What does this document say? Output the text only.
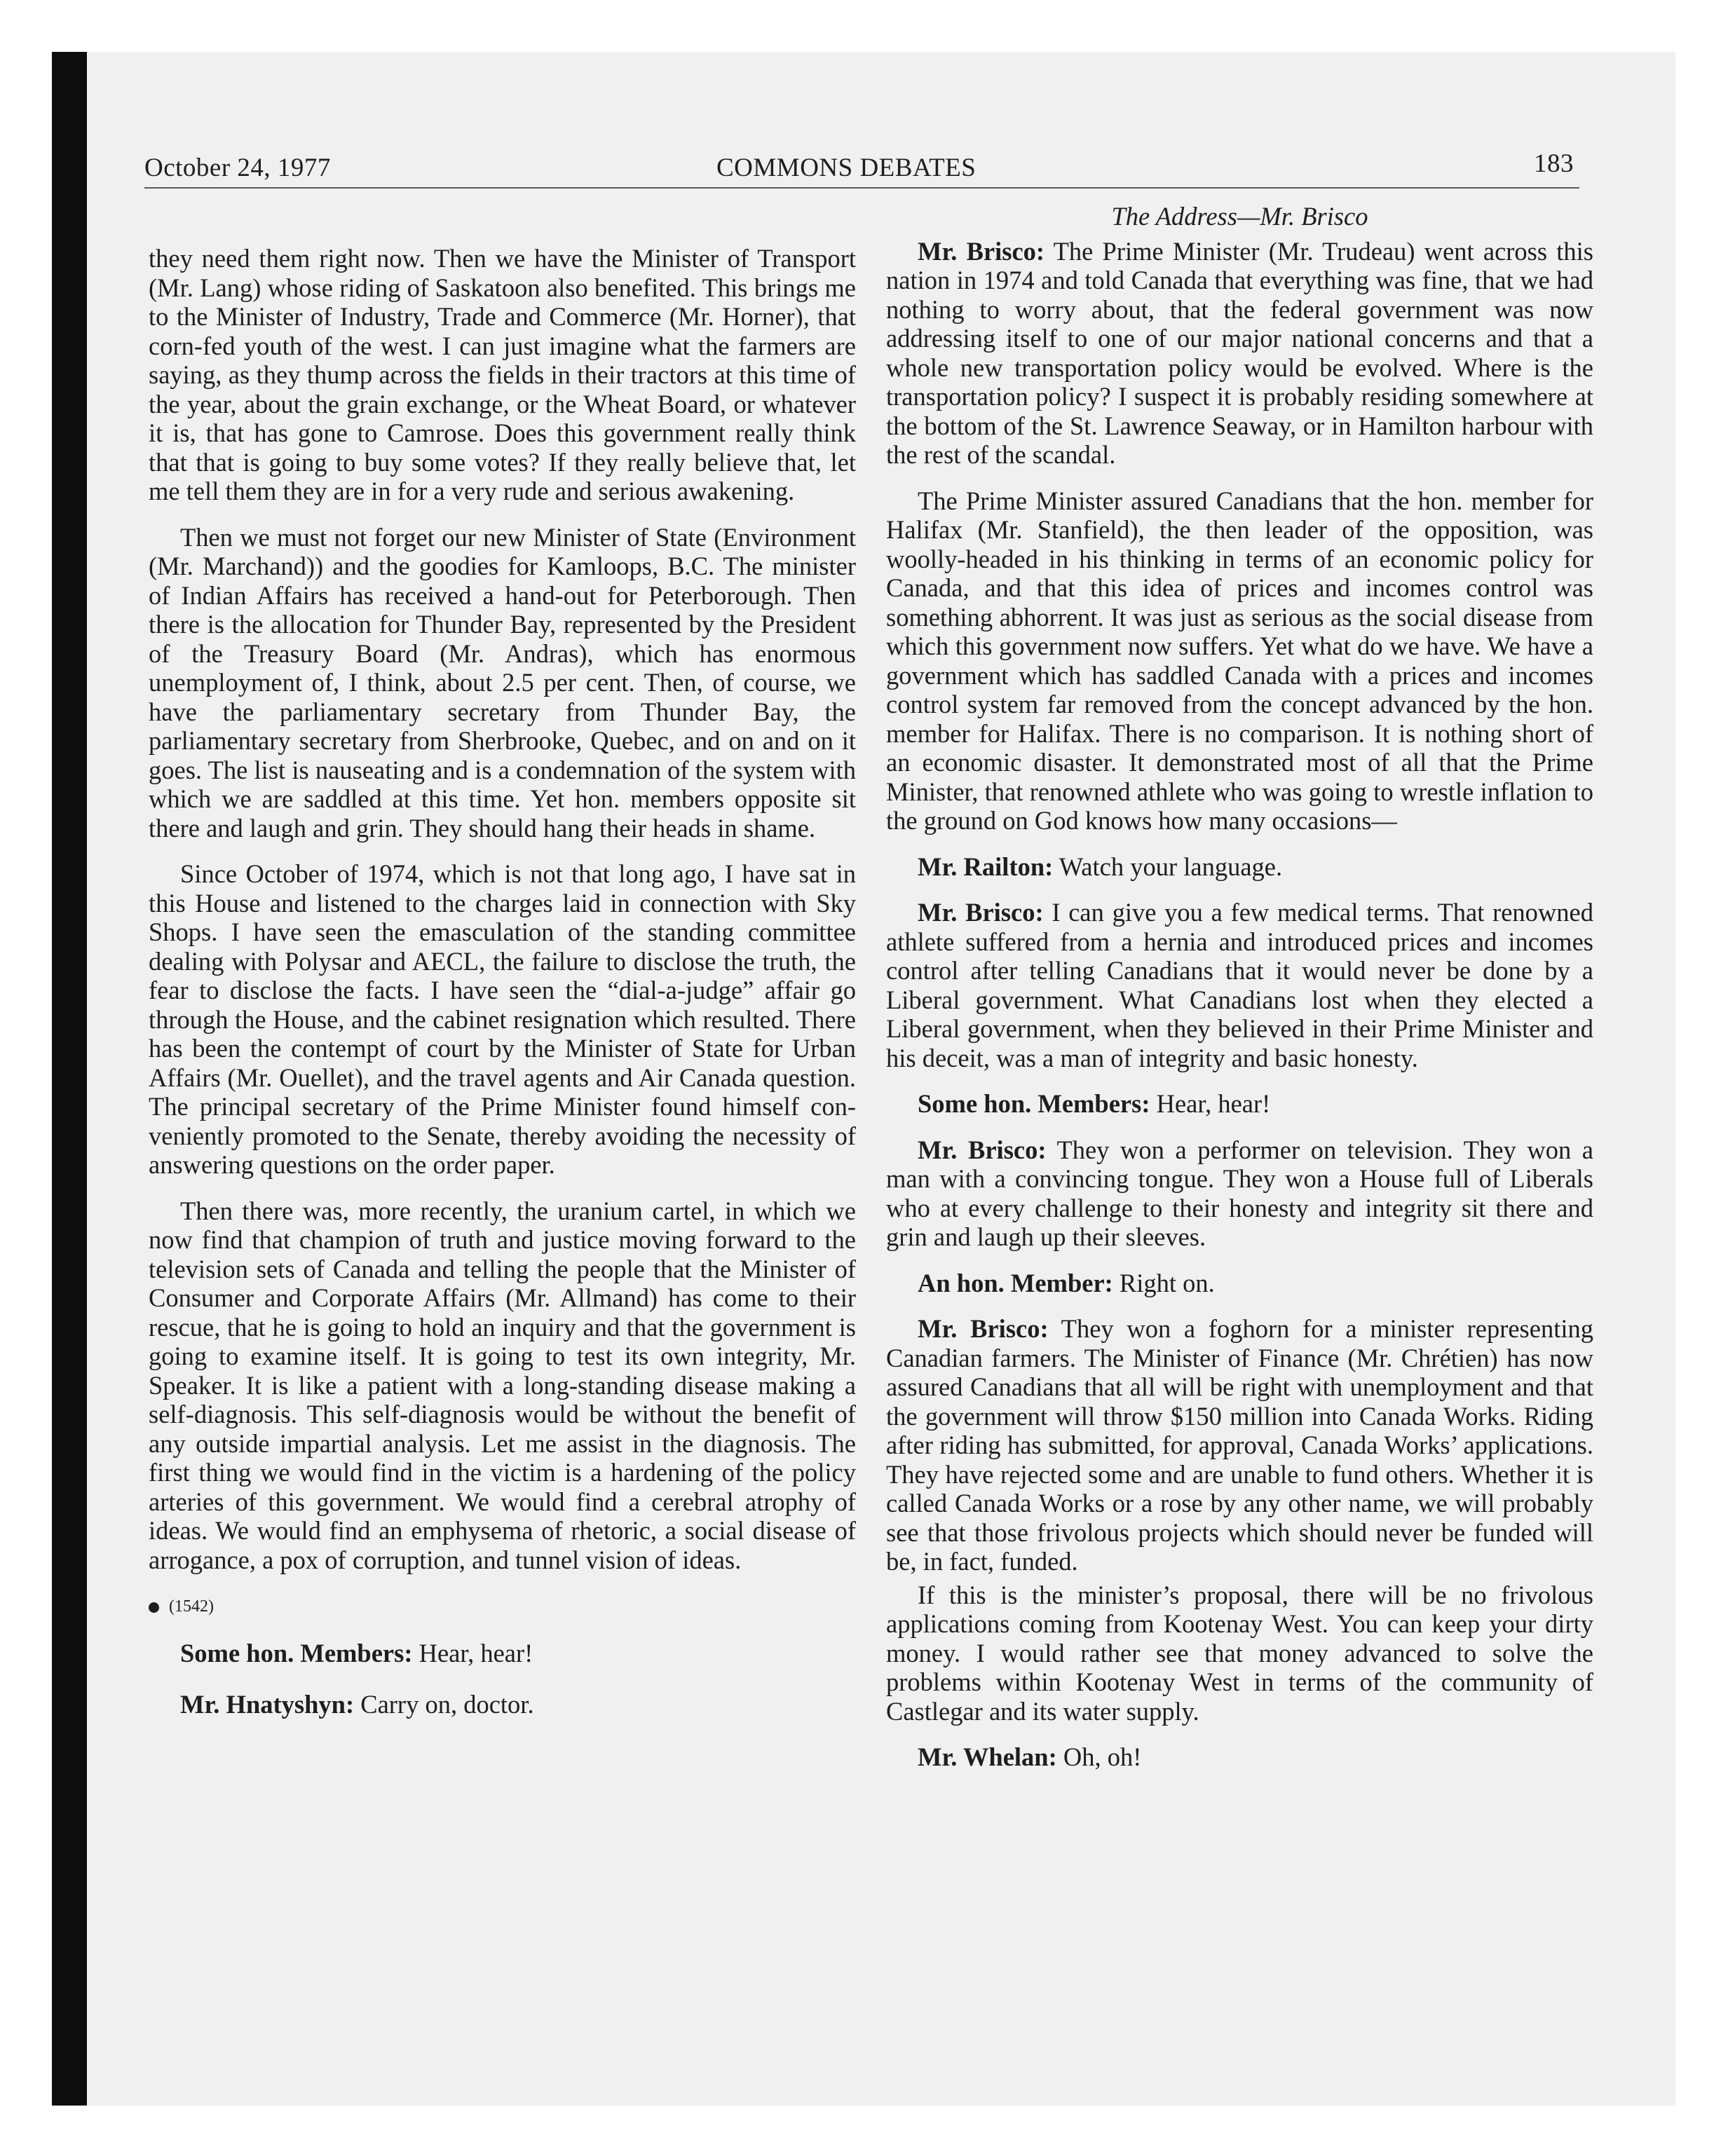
October 24, 1977	COMMONS DEBATES	183

they need them right now. Then we have the Minister of Transport (Mr. Lang) whose riding of Saskatoon also benefited. This brings me to the Minister of Industry, Trade and Commerce (Mr. Horner), that corn-fed youth of the west. I can just imagine what the farmers are saying, as they thump across the fields in their tractors at this time of the year, about the grain exchange, or the Wheat Board, or whatever it is, that has gone to Camrose. Does this government really think that that is going to buy some votes? If they really believe that, let me tell them they are in for a very rude and serious awakening.

Then we must not forget our new Minister of State (Environment (Mr. Marchand)) and the goodies for Kamloops, B.C. The minister of Indian Affairs has received a hand-out for Peterborough. Then there is the allocation for Thunder Bay, represented by the President of the Treasury Board (Mr. Andras), which has enormous unemployment of, I think, about 2.5 per cent. Then, of course, we have the parliamentary secretary from Thunder Bay, the parliamentary secretary from Sherbrooke, Quebec, and on and on it goes. The list is nauseating and is a condemnation of the system with which we are saddled at this time. Yet hon. members opposite sit there and laugh and grin. They should hang their heads in shame.

Since October of 1974, which is not that long ago, I have sat in this House and listened to the charges laid in connection with Sky Shops. I have seen the emasculation of the standing committee dealing with Polysar and AECL, the failure to disclose the truth, the fear to disclose the facts. I have seen the “dial-a-judge” affair go through the House, and the cabinet resignation which resulted. There has been the contempt of court by the Minister of State for Urban Affairs (Mr. Ouellet), and the travel agents and Air Canada question. The principal secretary of the Prime Minister found himself conveniently promoted to the Senate, thereby avoiding the necessity of answering questions on the order paper.

Then there was, more recently, the uranium cartel, in which we now find that champion of truth and justice moving forward to the television sets of Canada and telling the people that the Minister of Consumer and Corporate Affairs (Mr. Allmand) has come to their rescue, that he is going to hold an inquiry and that the government is going to examine itself. It is going to test its own integrity, Mr. Speaker. It is like a patient with a long-standing disease making a self-diagnosis. This self-diagnosis would be without the benefit of any outside impartial analysis. Let me assist in the diagnosis. The first thing we would find in the victim is a hardening of the policy arteries of this government. We would find a cerebral atrophy of ideas. We would find an emphysema of rhetoric, a social disease of arrogance, a pox of corruption, and tunnel vision of ideas.

(1542)

Some hon. Members: Hear, hear!

Mr. Hnatyshyn: Carry on, doctor.

The Address—Mr. Brisco

Mr. Brisco: The Prime Minister (Mr. Trudeau) went across this nation in 1974 and told Canada that everything was fine, that we had nothing to worry about, that the federal government was now addressing itself to one of our major national concerns and that a whole new transportation policy would be evolved. Where is the transportation policy? I suspect it is probably residing somewhere at the bottom of the St. Lawrence Seaway, or in Hamilton harbour with the rest of the scandal.

The Prime Minister assured Canadians that the hon. member for Halifax (Mr. Stanfield), the then leader of the opposition, was woolly-headed in his thinking in terms of an economic policy for Canada, and that this idea of prices and incomes control was something abhorrent. It was just as serious as the social disease from which this government now suffers. Yet what do we have. We have a government which has saddled Canada with a prices and incomes control system far removed from the concept advanced by the hon. member for Halifax. There is no comparison. It is nothing short of an economic disaster. It demonstrated most of all that the Prime Minister, that renowned athlete who was going to wrestle inflation to the ground on God knows how many occasions—

Mr. Railton: Watch your language.

Mr. Brisco: I can give you a few medical terms. That renowned athlete suffered from a hernia and introduced prices and incomes control after telling Canadians that it would never be done by a Liberal government. What Canadians lost when they elected a Liberal government, when they believed in their Prime Minister and his deceit, was a man of integrity and basic honesty.

Some hon. Members: Hear, hear!

Mr. Brisco: They won a performer on television. They won a man with a convincing tongue. They won a House full of Liberals who at every challenge to their honesty and integrity sit there and grin and laugh up their sleeves.

An hon. Member: Right on.

Mr. Brisco: They won a foghorn for a minister representing Canadian farmers. The Minister of Finance (Mr. Chrétien) has now assured Canadians that all will be right with unemployment and that the government will throw $150 million into Canada Works. Riding after riding has submitted, for approval, Canada Works’ applications. They have rejected some and are unable to fund others. Whether it is called Canada Works or a rose by any other name, we will probably see that those frivolous projects which should never be funded will be, in fact, funded.

If this is the minister’s proposal, there will be no frivolous applications coming from Kootenay West. You can keep your dirty money. I would rather see that money advanced to solve the problems within Kootenay West in terms of the community of Castlegar and its water supply.

Mr. Whelan: Oh, oh!
